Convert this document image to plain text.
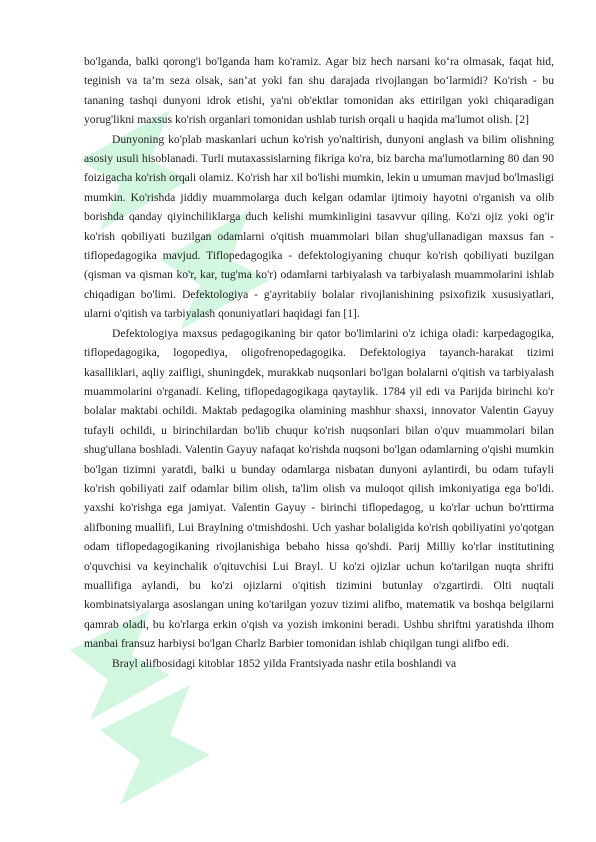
bo'lganda, balki qorong'i bo'lganda ham ko'ramiz. Agar biz hech narsani ko‘ra olmasak, faqat hid, teginish va ta’m seza olsak, san’at yoki fan shu darajada rivojlangan bo‘larmidi? Ko'rish - bu tananing tashqi dunyoni idrok etishi, ya'ni ob'ektlar tomonidan aks ettirilgan yoki chiqaradigan yorug'likni maxsus ko'rish organlari tomonidan ushlab turish orqali u haqida ma'lumot olish. [2]

Dunyoning ko'plab maskanlari uchun ko'rish yo'naltirish, dunyoni anglash va bilim olishning asosiy usuli hisoblanadi. Turli mutaxassislarning fikriga ko'ra, biz barcha ma'lumotlarning 80 dan 90 foizigacha ko'rish orqali olamiz. Ko'rish har xil bo'lishi mumkin, lekin u umuman mavjud bo'lmasligi mumkin. Ko'rishda jiddiy muammolarga duch kelgan odamlar ijtimoiy hayotni o'rganish va olib borishda qanday qiyinchiliklarga duch kelishi mumkinligini tasavvur qiling. Ko'zi ojiz yoki og'ir ko'rish qobiliyati buzilgan odamlarni o'qitish muammolari bilan shug'ullanadigan maxsus fan - tiflopedagogika mavjud. Tiflopedagogika - defektologiyaning chuqur ko'rish qobiliyati buzilgan (qisman va qisman ko'r, kar, tug'ma ko'r) odamlarni tarbiyalash va tarbiyalash muammolarini ishlab chiqadigan bo'limi. Defektologiya - g'ayritabiiy bolalar rivojlanishining psixofizik xususiyatlari, ularni o'qitish va tarbiyalash qonuniyatlari haqidagi fan [1].

Defektologiya maxsus pedagogikaning bir qator bo'limlarini o'z ichiga oladi: karpedagogika, tiflopedagogika, logopediya, oligofrenopedagogika. Defektologiya tayanch-harakat tizimi kasalliklari, aqliy zaifligi, shuningdek, murakkab nuqsonlari bo'lgan bolalarni o'qitish va tarbiyalash muammolarini o'rganadi. Keling, tiflopedagogikaga qaytaylik. 1784 yil edi va Parijda birinchi ko'r bolalar maktabi ochildi. Maktab pedagogika olamining mashhur shaxsi, innovator Valentin Gayuy tufayli ochildi, u birinchilardan bo'lib chuqur ko'rish nuqsonlari bilan o'quv muammolari bilan shug'ullana boshladi. Valentin Gayuy nafaqat ko'rishda nuqsoni bo'lgan odamlarning o'qishi mumkin bo'lgan tizimni yaratdi, balki u bunday odamlarga nisbatan dunyoni aylantirdi, bu odam tufayli ko'rish qobiliyati zaif odamlar bilim olish, ta'lim olish va muloqot qilish imkoniyatiga ega bo'ldi. yaxshi ko'rishga ega jamiyat. Valentin Gayuy - birinchi tiflopedagog, u ko'rlar uchun bo'rttirma alifboning muallifi, Lui Braylning o'tmishdoshi. Uch yashar bolaligida ko'rish qobiliyatini yo'qotgan odam tiflopedagogikaning rivojlanishiga bebaho hissa qo'shdi. Parij Milliy ko'rlar institutining o'quvchisi va keyinchalik o'qituvchisi Lui Brayl. U ko'zi ojizlar uchun ko'tarilgan nuqta shrifti muallifiga aylandi, bu ko'zi ojizlarni o'qitish tizimini butunlay o'zgartirdi. Olti nuqtali kombinatsiyalarga asoslangan uning ko'tarilgan yozuv tizimi alifbo, matematik va boshqa belgilarni qamrab oladi, bu ko'rlarga erkin o'qish va yozish imkonini beradi. Ushbu shriftni yaratishda ilhom manbai fransuz harbiysi bo'lgan Charlz Barbier tomonidan ishlab chiqilgan tungi alifbo edi.

Brayl alifbosidagi kitoblar 1852 yilda Frantsiyada nashr etila boshlandi va
